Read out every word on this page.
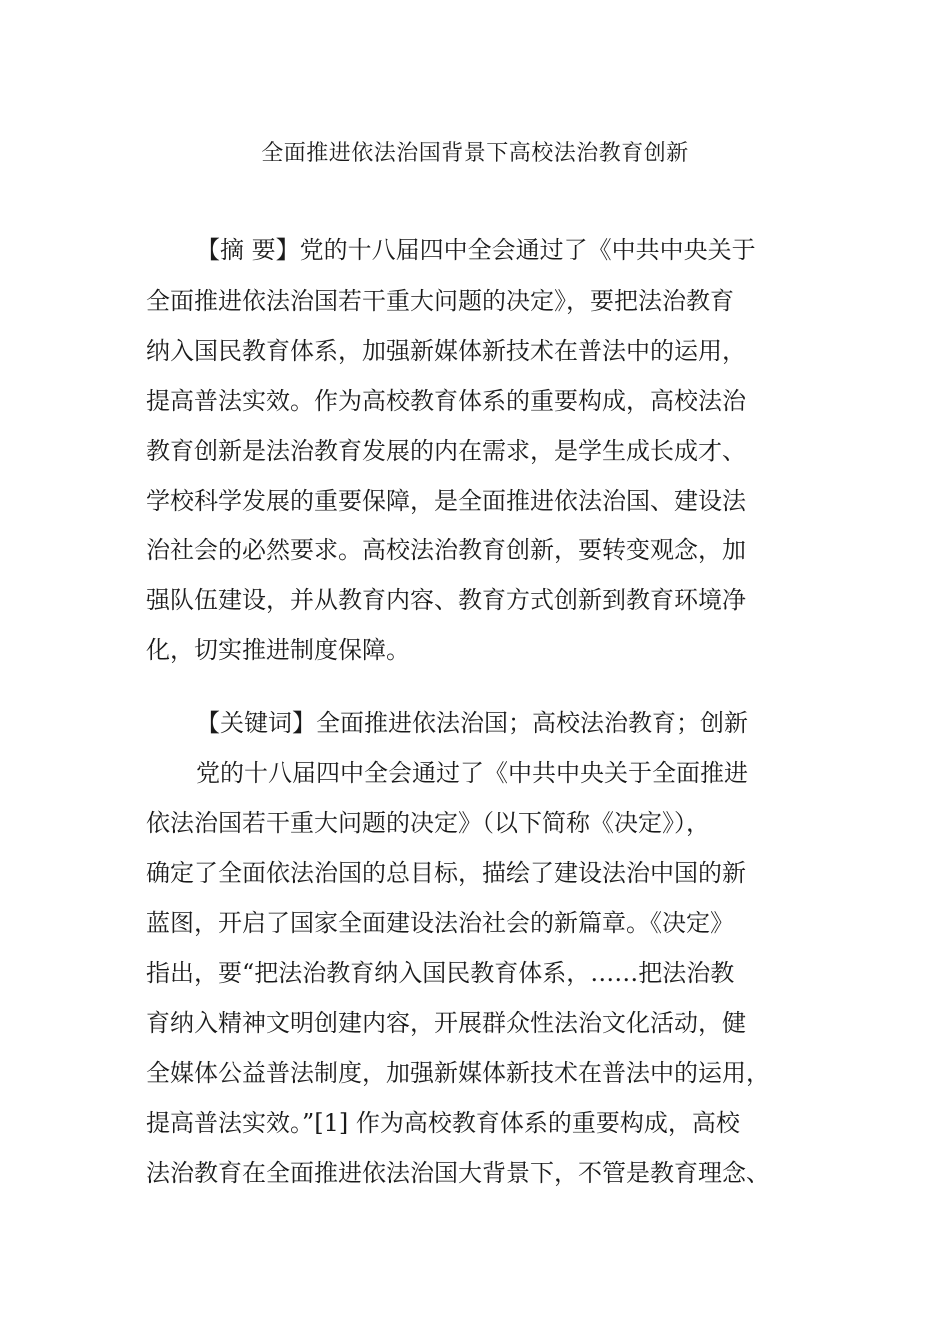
全面推进依法治国背景下高校法治教育创新
【摘 要】党的十八届四中全会通过了《中共中央关于
全面推进依法治国若干重大问题的决定》，要把法治教育
纳入国民教育体系，加强新媒体新技术在普法中的运用，
提高普法实效。作为高校教育体系的重要构成，高校法治
教育创新是法治教育发展的内在需求，是学生成长成才、
学校科学发展的重要保障，是全面推进依法治国、建设法
治社会的必然要求。高校法治教育创新，要转变观念，加
强队伍建设，并从教育内容、教育方式创新到教育环境净
化，切实推进制度保障。
【关键词】全面推进依法治国；高校法治教育；创新
党的十八届四中全会通过了《中共中央关于全面推进
依法治国若干重大问题的决定》（以下简称《决定》），
确定了全面依法治国的总目标，描绘了建设法治中国的新
蓝图，开启了国家全面建设法治社会的新篇章。《决定》
指出，要“把法治教育纳入国民教育体系，……把法治教
育纳入精神文明创建内容，开展群众性法治文化活动，健
全媒体公益普法制度，加强新媒体新技术在普法中的运用，
提高普法实效。”[1] 作为高校教育体系的重要构成，高校
法治教育在全面推进依法治国大背景下，不管是教育理念、
